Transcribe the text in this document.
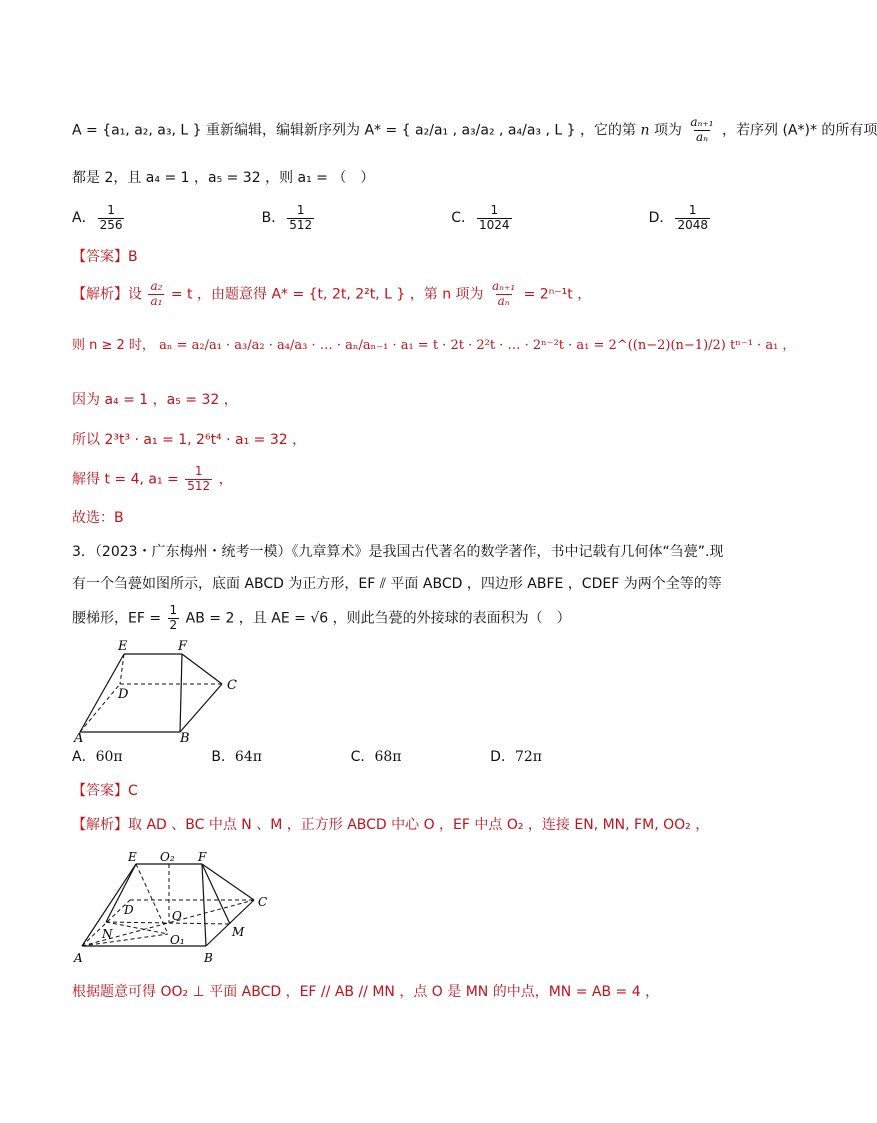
A = {a₁, a₂, a₃, L } 重新编辑，编辑新序列为 A* = { a₂/a₁ , a₃/a₂ , a₄/a₃ , L } ，它的第 n 项为 $\frac{\text{aₙ₊₁}}{\text{aₙ}}$ ，若序列 (A*)* 的所有项
都是 2，且 a₄ = 1 ，a₅ = 32 ，则 a₁ = （　）
A． $\frac{1}{256}$	B． $\frac{1}{512}$	C． $\frac{1}{1024}$	D． $\frac{1}{2048}$
【答案】B
【解析】设 $\frac{\text{a₂}}{\text{a₁}} = t$ ，由题意得 A* = {t, 2t, 2²t, L } ，第 n 项为 $\frac{\text{aₙ₊₁}}{\text{aₙ}} = 2^{n-1}t$ ，
则 n ≥ 2 时， aₙ = a₂/a₁ · a₃/a₂ · a₄/a₃ · … · aₙ/aₙ₋₁ · a₁ = t · 2t · 2²t · … · 2ⁿ⁻²t · a₁ = 2^((n−2)(n−1)/2) tⁿ⁻¹ · a₁ ，
因为 a₄ = 1 ，a₅ = 32 ，
所以 2³t³ · a₁ = 1, 2⁶t⁴ · a₁ = 32 ，
解得 t = 4, $a_1 = \frac{1}{512}$ ，
故选：B
3．（2023・广东梅州・统考一模）《九章算术》是我国古代著名的数学著作，书中记载有几何体“刍甍”.现
有一个刍甍如图所示，底面 ABCD 为正方形，EF ⫽ 平面 ABCD ，四边形 ABFE ，CDEF 为两个全等的等
腰梯形，EF = $\frac{1}{2}$ AB = 2 ，且 AE = √6 ，则此刍甍的外接球的表面积为（　）
E	F
D
C
A	B
A．60π	B．64π	C．68π	D．72π
【答案】C
【解析】取 AD 、BC 中点 N 、M ，正方形 ABCD 中心 O ，EF 中点 O₂ ，连接 EN, MN, FM, OO₂ ，
E O₂ F
D	O
C
N	O₁
M
A	B
根据题意可得 OO₂ ⊥ 平面 ABCD ，EF // AB // MN ，点 O 是 MN 的中点，MN = AB = 4 ，
